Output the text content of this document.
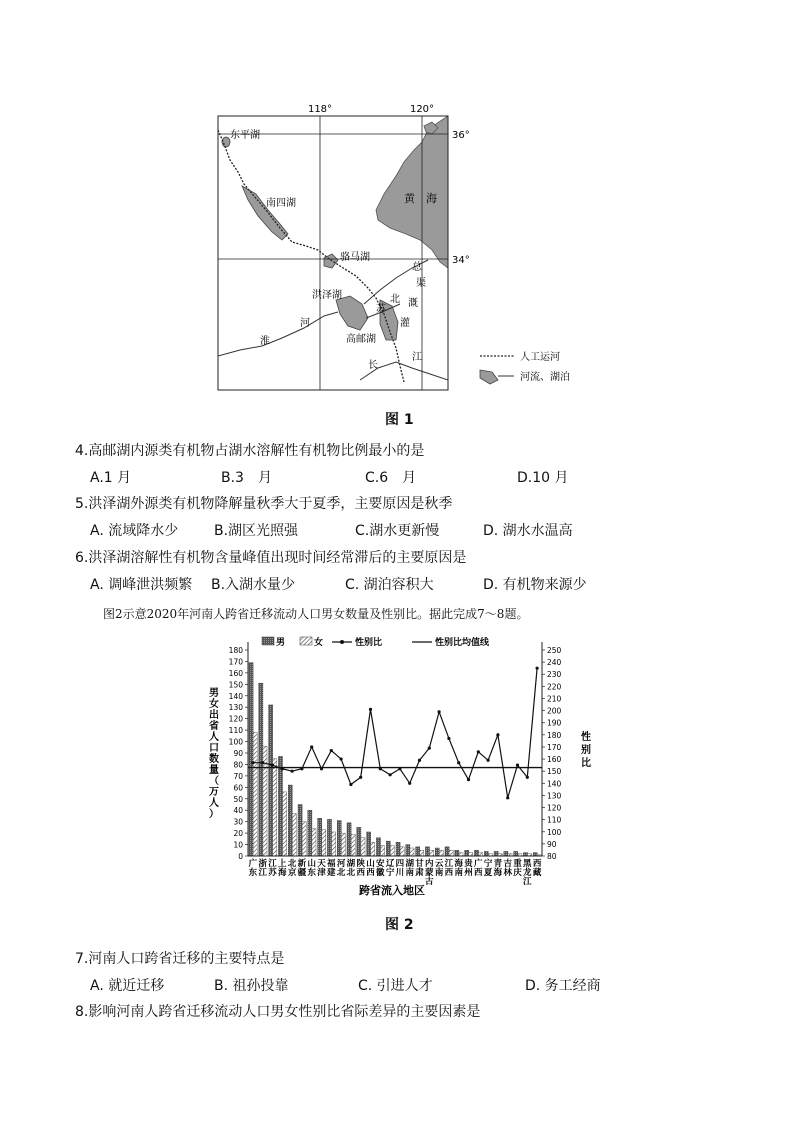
118°	120°
36°
34°
东平湖
南四湖	黄 海
骆马湖
洪泽湖
高邮湖
淮
河
苏
北
灌
溉
总
渠
长
江	人工运河
河流、湖泊
图 1
4.高邮湖内源类有机物占湖水溶解性有机物比例最小的是
A.1 月	B.3　月	C.6　月	D.10 月
5.洪泽湖外源类有机物降解量秋季大于夏季，主要原因是秋季
A. 流域降水少	B.湖区光照强	C.湖水更新慢	D. 湖水水温高
6.洪泽湖溶解性有机物含量峰值出现时间经常滞后的主要原因是
A. 调峰泄洪频繁 B.入湖水量少	C. 湖泊容积大	D. 有机物来源少
图2示意2020年河南人跨省迁移流动人口男女数量及性别比。据此完成7～8题。
0
10
20
30
40
50
60
70
80
90
100
110
120
130
140
150
160
170
180
80
90
100
110
120
130
140
150
160
170
180
190
200
210
220
230
240
250
广
东
浙
江
江
苏
上
海
北
京
新
疆
山
东
天
津
福
建
河
北
湖
北
陕
西
山
西
安
徽
辽
宁
四
川
湖
南
甘
肃
内
蒙
古
云
南
江
西
海
南
贵
州
广
西
宁
夏
青
海
吉
林
重
庆
黑
龙
江
西
藏
男	女	性别比	性别比均值线
男女出省人口数量（万人）
性别比
跨省流入地区
图 2
7.河南人口跨省迁移的主要特点是
A. 就近迁移	B. 祖孙投靠	C. 引进人才	D. 务工经商
8.影响河南人跨省迁移流动人口男女性别比省际差异的主要因素是
